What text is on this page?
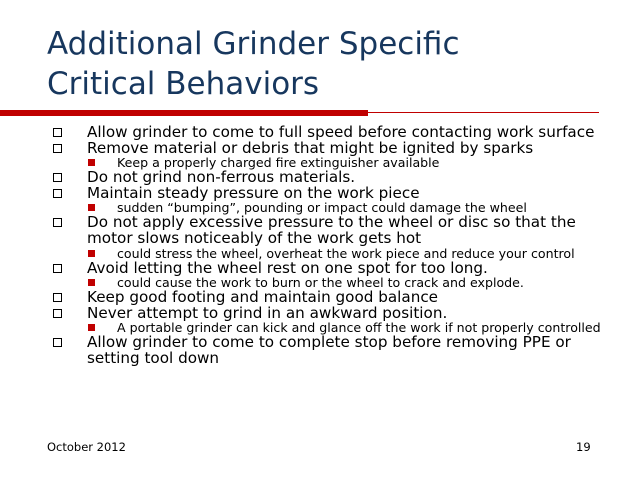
Additional Grinder Specific
Critical Behaviors
Allow grinder to come to full speed before contacting work surface
Remove material or debris that might be ignited by sparks
Keep a properly charged fire extinguisher available
Do not grind non-ferrous materials.
Maintain steady pressure on the work piece
sudden “bumping”, pounding or impact could damage the wheel
Do not apply excessive pressure to the wheel or disc so that the motor slows noticeably of the work gets hot
could stress the wheel, overheat the work piece and reduce your control
Avoid letting the wheel rest on one spot for too long.
could cause the work to burn or the wheel to crack and explode.
Keep good footing and maintain good balance
Never attempt to grind in an awkward position.
A portable grinder can kick and glance off the work if not properly controlled
Allow grinder to come to complete stop before removing PPE or setting tool down
October 2012	19
